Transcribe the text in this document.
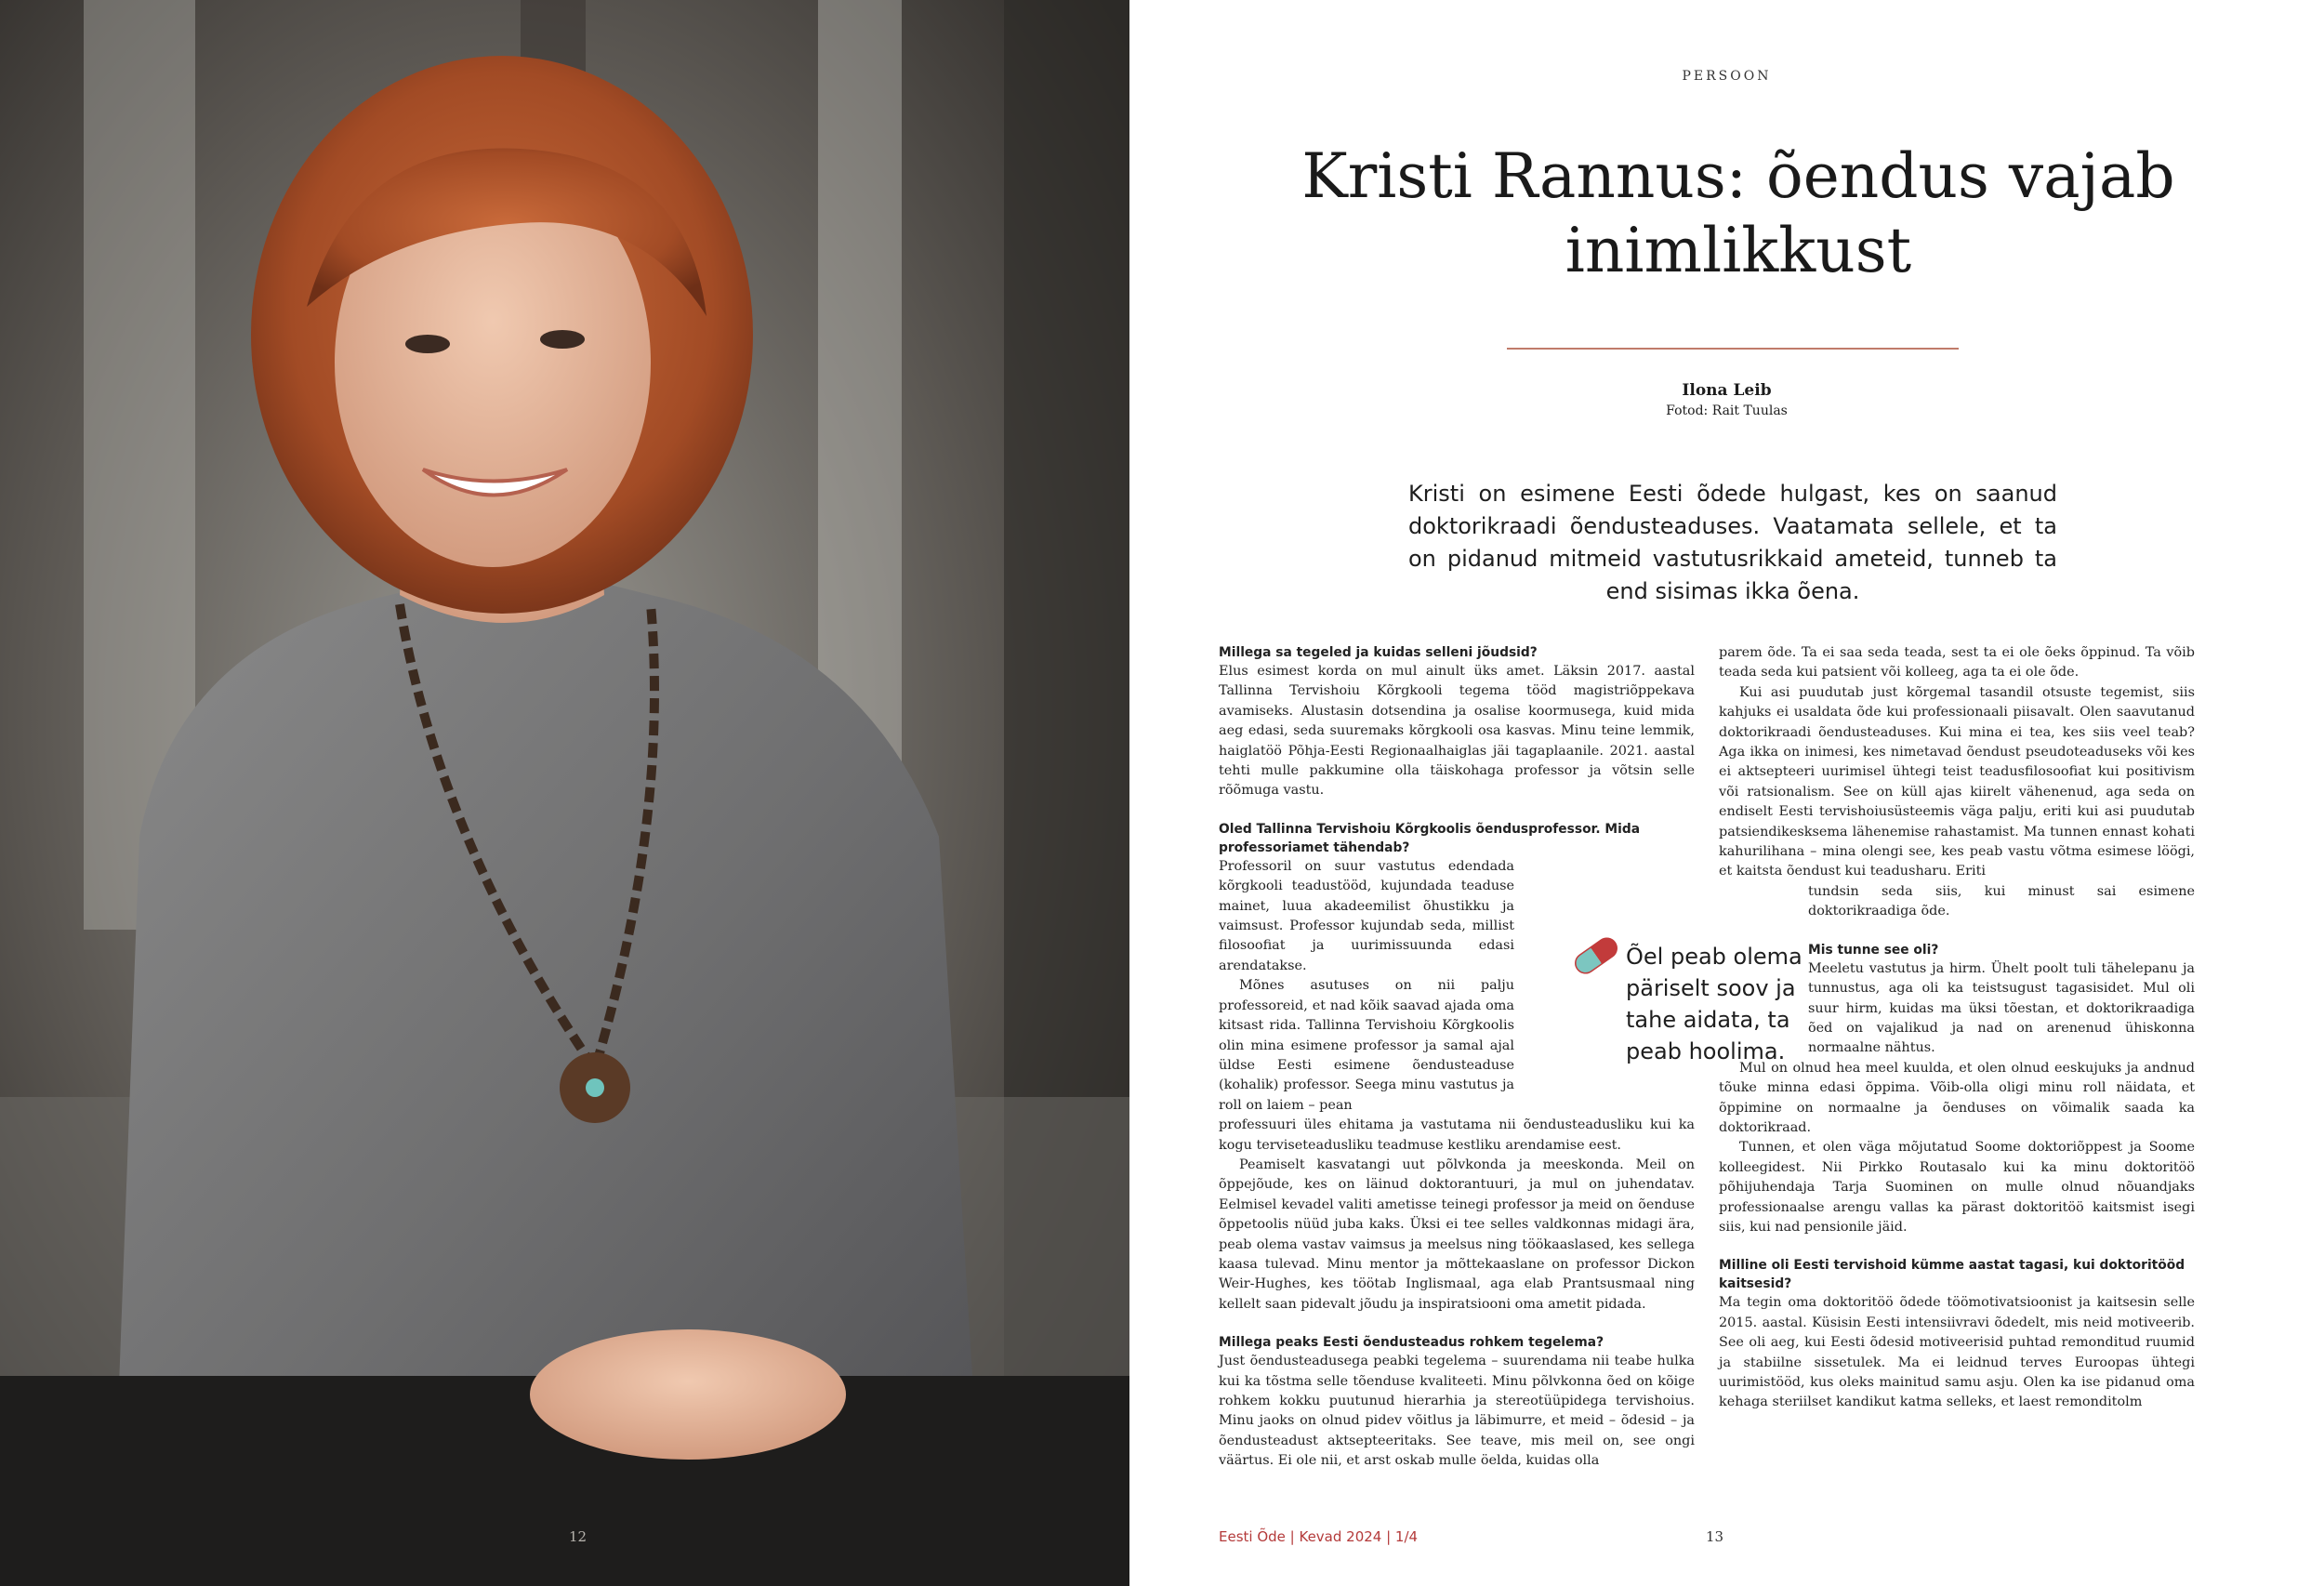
12
PERSOON
Kristi Rannus: õendus vajab inimlikkust
Ilona Leib
Fotod: Rait Tuulas

Kristi on esimene Eesti õdede hulgast, kes on saanud doktorikraadi õendusteaduses. Vaatamata sellele, et ta on pidanud mitmeid vastutusrikkaid ameteid, tunneb ta end sisimas ikka õena.

Millega sa tegeled ja kuidas selleni jõudsid?

Elus esimest korda on mul ainult üks amet. Läksin 2017. aastal Tallinna Tervishoiu Kõrgkooli tegema tööd magistriõppekava avamiseks. Alustasin dotsendina ja osalise koormusega, kuid mida aeg edasi, seda suuremaks kõrgkooli osa kasvas. Minu teine lemmik, haiglatöö Põhja-Eesti Regionaalhaiglas jäi tagaplaanile. 2021. aastal tehti mulle pakkumine olla täiskohaga professor ja võtsin selle rõõmuga vastu.

Oled Tallinna Tervishoiu Kõrgkoolis õendusprofessor. Mida professoriamet tähendab?

Professoril on suur vastutus edendada kõrgkooli teadustööd, kujundada teaduse mainet, luua akadeemilist õhustikku ja vaimsust. Professor kujundab seda, millist filosoofiat ja uurimissuunda edasi arendatakse.

Mõnes asutuses on nii palju professoreid, et nad kõik saavad ajada oma kitsast rida. Tallinna Tervishoiu Kõrgkoolis olin mina esimene professor ja samal ajal üldse Eesti esimene õendusteaduse (kohalik) professor. Seega minu vastutus ja roll on laiem – pean

professuuri üles ehitama ja vastutama nii õendusteadusliku kui ka kogu terviseteadusliku teadmuse kestliku arendamise eest.

Peamiselt kasvatangi uut põlvkonda ja meeskonda. Meil on õppejõude, kes on läinud doktorantuuri, ja mul on juhendatav. Eelmisel kevadel valiti ametisse teinegi professor ja meid on õenduse õppetoolis nüüd juba kaks. Üksi ei tee selles valdkonnas midagi ära, peab olema vastav vaimsus ja meelsus ning töökaaslased, kes sellega kaasa tulevad. Minu mentor ja mõttekaaslane on professor Dickon Weir-Hughes, kes töötab Inglismaal, aga elab Prantsusmaal ning kellelt saan pidevalt jõudu ja inspiratsiooni oma ametit pidada.

Millega peaks Eesti õendusteadus rohkem tegelema?

Just õendusteadusega peabki tegelema – suurendama nii teabe hulka kui ka tõstma selle tõenduse kvaliteeti. Minu põlvkonna õed on kõige rohkem kokku puutunud hierarhia ja stereotüüpidega tervishoius. Minu jaoks on olnud pidev võitlus ja läbimurre, et meid – õdesid – ja õendusteadust aktsepteeritaks. See teave, mis meil on, see ongi väärtus. Ei ole nii, et arst oskab mulle öelda, kuidas olla

Õel peab olema päriselt soov ja tahe aidata, ta peab hoolima.

parem õde. Ta ei saa seda teada, sest ta ei ole õeks õppinud. Ta võib teada seda kui patsient või kolleeg, aga ta ei ole õde.

Kui asi puudutab just kõrgemal tasandil otsuste tegemist, siis kahjuks ei usaldata õde kui professionaali piisavalt. Olen saavutanud doktorikraadi õendusteaduses. Kui mina ei tea, kes siis veel teab? Aga ikka on inimesi, kes nimetavad õendust pseudoteaduseks või kes ei aktsepteeri uurimisel ühtegi teist teadusfilosoofiat kui positivism või ratsionalism. See on küll ajas kiirelt vähenenud, aga seda on endiselt Eesti tervishoiusüsteemis väga palju, eriti kui asi puudutab patsiendikesksema lähenemise rahastamist. Ma tunnen ennast kohati kahurilihana – mina olengi see, kes peab vastu võtma esimese löögi, et kaitsta õendust kui teadusharu. Eriti

tundsin seda siis, kui minust sai esimene doktorikraadiga õde.

Mis tunne see oli?

Meeletu vastutus ja hirm. Ühelt poolt tuli tähelepanu ja tunnustus, aga oli ka teistsugust tagasisidet. Mul oli suur hirm, kuidas ma üksi tõestan, et doktorikraadiga õed on vajalikud ja nad on arenenud ühiskonna normaalne nähtus.

Mul on olnud hea meel kuulda, et olen olnud eeskujuks ja andnud tõuke minna edasi õppima. Võib-olla oligi minu roll näidata, et õppimine on normaalne ja õenduses on võimalik saada ka doktorikraad.

Tunnen, et olen väga mõjutatud Soome doktoriõppest ja Soome kolleegidest. Nii Pirkko Routasalo kui ka minu doktoritöö põhijuhendaja Tarja Suominen on mulle olnud nõuandjaks professionaalse arengu vallas ka pärast doktoritöö kaitsmist isegi siis, kui nad pensionile jäid.

Milline oli Eesti tervishoid kümme aastat tagasi, kui doktoritööd kaitsesid?

Ma tegin oma doktoritöö õdede töömotivatsioonist ja kaitsesin selle 2015. aastal. Küsisin Eesti intensiivravi õdedelt, mis neid motiveerib. See oli aeg, kui Eesti õdesid motiveerisid puhtad remonditud ruumid ja stabiilne sissetulek. Ma ei leidnud terves Euroopas ühtegi uurimistööd, kus oleks mainitud samu asju. Olen ka ise pidanud oma kehaga steriilset kandikut katma selleks, et laest remonditolm

Eesti Õde | Kevad 2024 | 1/4	13
